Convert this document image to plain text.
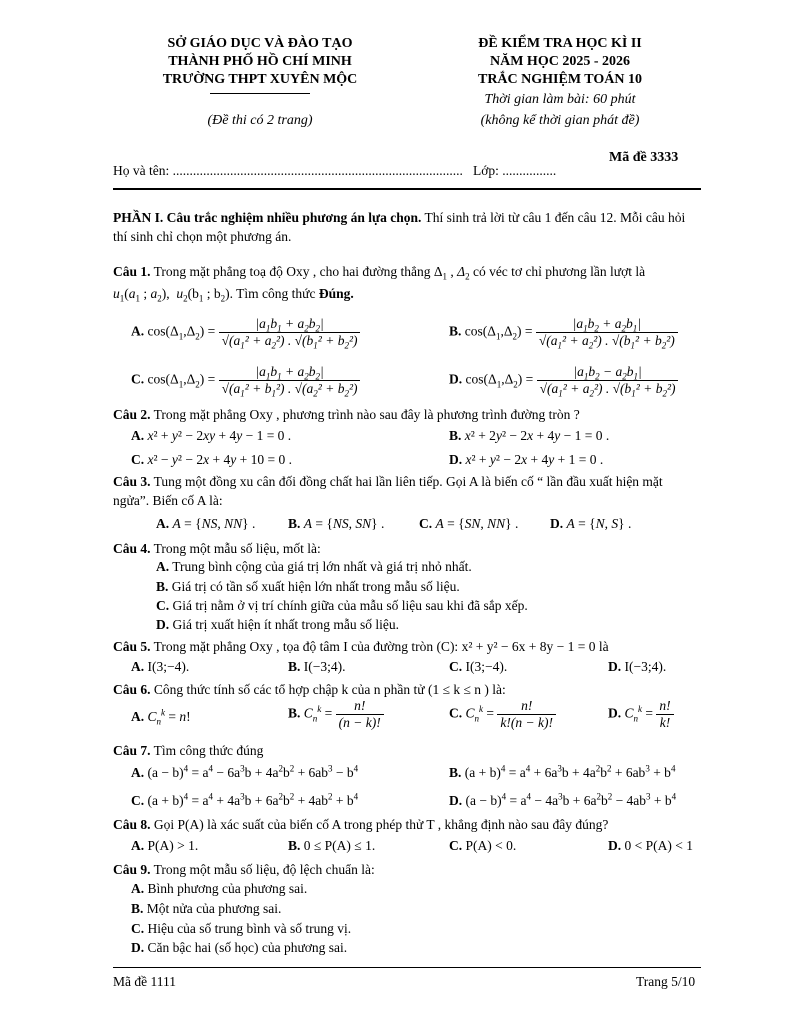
SỞ GIÁO DỤC VÀ ĐÀO TẠO
THÀNH PHỐ HỒ CHÍ MINH
TRƯỜNG THPT XUYÊN MỘC
(Đề thi có 2 trang)
ĐỀ KIỂM TRA HỌC KÌ II
NĂM HỌC 2025 - 2026
TRẮC NGHIỆM TOÁN 10
Thời gian làm bài: 60 phút
(không kể thời gian phát đề)
Mã đề 3333
Họ và tên: ...................................................................................... Lớp: ................
PHẦN I. Câu trắc nghiệm nhiều phương án lựa chọn. Thí sinh trả lời từ câu 1 đến câu 12. Mỗi câu hỏi thí sinh chỉ chọn một phương án.
Câu 1. Trong mặt phẳng toạ độ Oxy , cho hai đường thẳng $\Delta_1$ , $\Delta_2$ có véc tơ chỉ phương lần lượt là
$u_1(a_1$ ; $a_2$),  $u_2(b_1$ ; $b_2$). Tìm công thức Đúng.
A. $\cos(\Delta_1,\Delta_2) = \frac{|a_1b_1 + a_2b_2|}{√(a_1^2 + a_2^2) . √(b_1^2 + b_2^2)}$	B. $\cos(\Delta_1,\Delta_2) = \frac{|a_1b_2 + a_2b_1|}{√(a_1^2 + a_2^2) . √(b_1^2 + b_2^2)}$
C. $\cos(\Delta_1,\Delta_2) = \frac{|a_1b_1 + a_2b_2|}{√(a_1^2 + b_1^2) . √(a_2^2 + b_2^2)}$	D. $\cos(\Delta_1,\Delta_2) = \frac{|a_1b_2 - a_2b_1|}{√(a_1^2 + a_2^2) . √(b_1^2 + b_2^2)}$
Câu 2. Trong mặt phẳng Oxy , phương trình nào sau đây là phương trình đường tròn ?
A. x² + y² − 2xy + 4y − 1 = 0 .	B. x² + 2y² − 2x + 4y − 1 = 0 .
C. x² − y² − 2x + 4y + 10 = 0 .	D. x² + y² − 2x + 4y + 1 = 0 .
Câu 3. Tung một đồng xu cân đối đồng chất hai lần liên tiếp. Gọi A là biến cố “ lần đầu xuất hiện mặt ngửa”. Biến cố A là:
A. A = {NS, NN} . B. A = {NS, SN} .	C. A = {SN, NN} . D. A = {N, S} .
Câu 4. Trong một mẫu số liệu, mốt là:
A. Trung bình cộng của giá trị lớn nhất và giá trị nhỏ nhất.
B. Giá trị có tần số xuất hiện lớn nhất trong mẫu số liệu.
C. Giá trị nằm ở vị trí chính giữa của mẫu số liệu sau khi đã sắp xếp.
D. Giá trị xuất hiện ít nhất trong mẫu số liệu.
Câu 5. Trong mặt phẳng Oxy , tọa độ tâm I của đường tròn (C): x² + y² − 6x + 8y − 1 = 0 là
A. I(3;−4).	B. I(−3;4).	C. I(3;−4).	D. I(−3;4).
Câu 6. Công thức tính số các tổ hợp chập k của n phần tử (1 ≤ k ≤ n ) là:
A. $C_n^k = n$!	B. $C_n^k = \frac{n!}{(n - k)!}$	C. $C_n^k = \frac{n!}{k!(n - k)!}$	D. $C_n^k = \frac{n!}{k!}$
Câu 7. Tìm công thức đúng
A. $(a - b)^4 = a^4 - 6a^3b + 4a^2b^2 + 6ab^3 - b^4$	B. $(a + b)^4 = a^4 + 6a^3b + 4a^2b^2 + 6ab^3 + b^4$
C. $(a + b)^4 = a^4 + 4a^3b + 6a^2b^2 + 4ab^2 + b^4$	D. $(a - b)^4 = a^4 - 4a^3b + 6a^2b^2 - 4ab^3 + b^4$
Câu 8. Gọi P(A) là xác suất của biến cố A trong phép thử T , khẳng định nào sau đây đúng?
A. P(A) > 1.	B. 0 ≤ P(A) ≤ 1.	C. P(A) < 0.	D. 0 < P(A) < 1
Câu 9. Trong một mẫu số liệu, độ lệch chuẩn là:
A. Bình phương của phương sai.
B. Một nửa của phương sai.
C. Hiệu của số trung bình và số trung vị.
D. Căn bậc hai (số học) của phương sai.
Mã đề 1111	Trang 5/10
